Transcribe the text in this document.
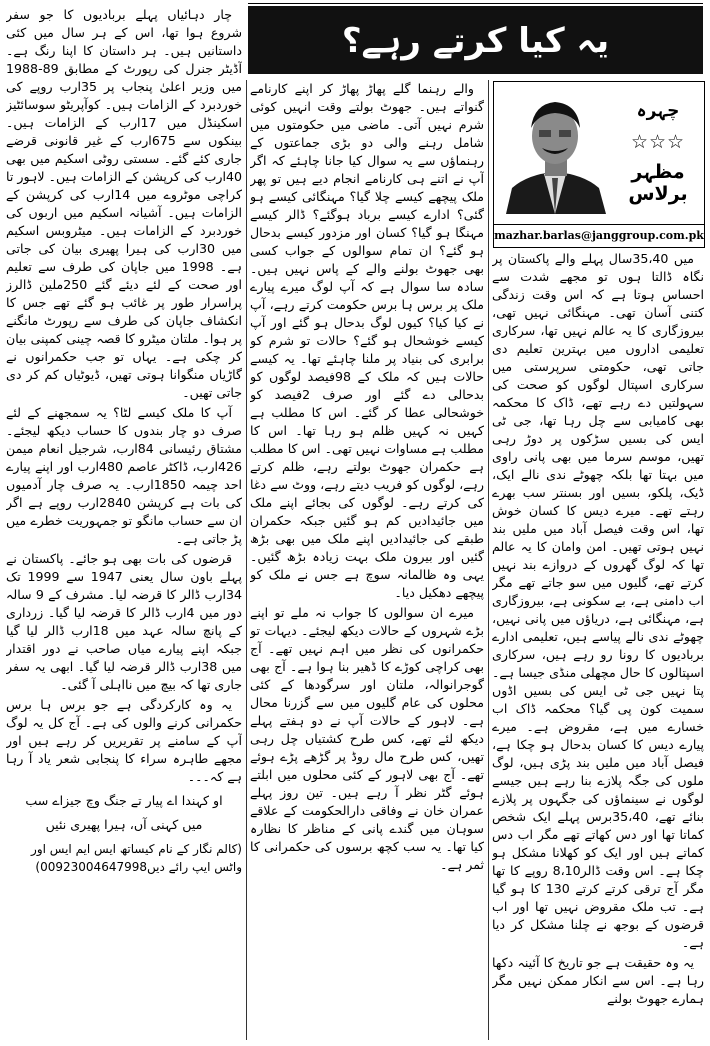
یہ کیا کرتے رہے؟
چہرہ
☆☆☆
مظہر برلاس
mazhar.barlas@janggroup.com.pk

میں 35،40سال پہلے والے پاکستان پر نگاہ ڈالتا ہوں تو مجھے شدت سے احساس ہوتا ہے کہ اس وقت زندگی کتنی آسان تھی۔ مہنگائی نہیں تھی، بیروزگاری کا یہ عالم نہیں تھا، سرکاری تعلیمی اداروں میں بہترین تعلیم دی جاتی تھی، حکومتی سرپرستی میں سرکاری اسپتال لوگوں کو صحت کی سہولتیں دے رہے تھے، ڈاک کا محکمہ بھی کامیابی سے چل رہا تھا، جی ٹی ایس کی بسیں سڑکوں پر دوڑ رہی تھیں، موسم سرما میں بھی پانی راوی میں بہتا تھا بلکہ چھوٹے ندی نالے ایک، ڈیک، پلکو، بسیں اور بسنتر سب بھرے رہتے تھے۔ میرے دیس کا کسان خوش تھا، اس وقت فیصل آباد میں ملیں بند نہیں ہوتی تھیں۔ امن وامان کا یہ عالم تھا کہ لوگ گھروں کے دروازے بند نہیں کرتے تھے، گلیوں میں سو جاتے تھے مگر اب دامنی ہے، بے سکونی ہے، بیروزگاری ہے، مہنگائی ہے، دریاؤں میں پانی نہیں، چھوٹے ندی نالے پیاسے ہیں، تعلیمی ادارے بربادیوں کا رونا رو رہے ہیں، سرکاری اسپتالوں کا حال مچھلی منڈی جیسا ہے۔ پتا نہیں جی ٹی ایس کی بسیں اڈوں سمیت کون پی گیا؟ محکمہ ڈاک اب خسارے میں ہے، مقروض ہے۔ میرے پیارے دیس کا کسان بدحال ہو چکا ہے، فیصل آباد میں ملیں بند پڑی ہیں، لوگ ملوں کی جگہ پلازے بنا رہے ہیں جیسے لوگوں نے سینماؤں کی جگہوں پر پلازے بنائے تھے، 35،40برس پہلے ایک شخص کماتا تھا اور دس کھاتے تھے مگر اب دس کماتے ہیں اور ایک کو کھلانا مشکل ہو چکا ہے۔ اس وقت ڈالر8،10 روپے کا تھا مگر آج ترقی کرتے کرتے 130 کا ہو گیا ہے۔ تب ملک مقروض نہیں تھا اور اب قرضوں کے بوجھ نے چلنا مشکل کر دیا ہے۔

یہ وہ حقیقت ہے جو تاریخ کا آئینہ دکھا رہا ہے۔ اس سے انکار ممکن نہیں مگر ہمارے جھوٹ بولنے

والے رہنما گلے پھاڑ پھاڑ کر اپنے کارنامے گنواتے ہیں۔ جھوٹ بولتے وقت انہیں کوئی شرم نہیں آتی۔ ماضی میں حکومتوں میں شامل رہنے والی دو بڑی جماعتوں کے رہنماؤں سے یہ سوال کیا جانا چاہئے کہ اگر آپ نے اتنے ہی کارنامے انجام دیے ہیں تو پھر ملک پیچھے کیسے چلا گیا؟ مہنگائی کیسے ہو گئی؟ ادارے کیسے برباد ہوگئے؟ ڈالر کیسے مہنگا ہو گیا؟ کسان اور مزدور کیسے بدحال ہو گئے؟ ان تمام سوالوں کے جواب کسی بھی جھوٹ بولنے والے کے پاس نہیں ہیں۔ سادہ سا سوال ہے کہ آپ لوگ میرے پیارے ملک پر برس ہا برس حکومت کرتے رہے، آپ نے کیا کیا؟ کیوں لوگ بدحال ہو گئے اور آپ کیسے خوشحال ہو گئے؟ حالات تو شرم کو برابری کی بنیاد پر ملنا چاہئے تھا۔ یہ کیسے حالات ہیں کہ ملک کے 98فیصد لوگوں کو بدحالی دے گئے اور صرف 2فیصد کو خوشحالی عطا کر گئے۔ اس کا مطلب ہے کہیں نہ کہیں ظلم ہو رہا تھا۔ اس کا مطلب ہے مساوات نہیں تھی۔ اس کا مطلب ہے حکمران جھوٹ بولتے رہے، ظلم کرتے رہے، لوگوں کو فریب دیتے رہے، ووٹ سے دغا کی کرتے رہے۔ لوگوں کی بجائے اپنے ملک میں جائیدادیں کم ہو گئیں جبکہ حکمران طبقے کی جائیدادیں اپنے ملک میں بھی بڑھ گئیں اور بیرون ملک بہت زیادہ بڑھ گئیں۔ یہی وہ ظالمانہ سوچ ہے جس نے ملک کو پیچھے دھکیل دیا۔

میرے ان سوالوں کا جواب نہ ملے تو اپنے بڑے شہروں کے حالات دیکھ لیجئے۔ دیہات تو حکمرانوں کی نظر میں اہم نہیں تھے۔ آج بھی کراچی کوڑے کا ڈھیر بنا ہوا ہے۔ آج بھی گوجرانوالہ، ملتان اور سرگودھا کے کئی محلوں کی عام گلیوں میں سے گزرنا محال ہے۔ لاہور کے حالات آپ نے دو ہفتے پہلے دیکھ لئے تھے، کس طرح کشتیاں چل رہی تھیں، کس طرح مال روڈ پر گڑھے پڑے ہوئے تھے۔ آج بھی لاہور کے کئی محلوں میں ابلتے ہوئے گٹر نظر آ رہے ہیں۔ تین روز پہلے عمران خان نے وفاقی دارالحکومت کے علاقے سوہان میں گندے پانی کے مناظر کا نظارہ کیا تھا۔ یہ سب کچھ برسوں کی حکمرانی کا ثمر ہے۔

چار دہائیاں پہلے بربادیوں کا جو سفر شروع ہوا تھا، اس کے ہر سال میں کئی داستانیں ہیں۔ ہر داستان کا اپنا رنگ ہے۔ آڈیٹر جنرل کی رپورٹ کے مطابق 89-1988 میں وزیر اعلیٰ پنجاب پر 35ارب روپے کی خوردبرد کے الزامات ہیں۔ کوآپریٹو سوسائٹیز اسکینڈل میں 17ارب کے الزامات ہیں۔ بینکوں سے 675ارب کے غیر قانونی قرضے جاری کئے گئے۔ سستی روٹی اسکیم میں بھی 40ارب کی کرپشن کے الزامات ہیں۔ لاہور تا کراچی موٹروے میں 14ارب کی کرپشن کے الزامات ہیں۔ آشیانہ اسکیم میں اربوں کی خوردبرد کے الزامات ہیں۔ میٹروبس اسکیم میں 30ارب کی ہیرا پھیری بیان کی جاتی ہے۔ 1998 میں جاپان کی طرف سے تعلیم اور صحت کے لئے دیئے گئے 250ملین ڈالرز پراسرار طور پر غائب ہو گئے تھے جس کا انکشاف جاپان کی طرف سے رپورٹ مانگنے پر ہوا۔ ملتان میٹرو کا قصہ چینی کمپنی بیان کر چکی ہے۔ یہاں تو جب حکمرانوں نے گاڑیاں منگوانا ہوتی تھیں، ڈیوٹیاں کم کر دی جاتی تھیں۔

آپ کا ملک کیسے لٹا؟ یہ سمجھنے کے لئے صرف دو چار بندوں کا حساب دیکھ لیجئے۔ مشتاق رئیسانی 84ارب، شرجیل انعام میمن 426ارب، ڈاکٹر عاصم 480ارب اور اپنے پیارے احد چیمہ 1850ارب۔ یہ صرف چار آدمیوں کی بات ہے کرپشن 2840ارب روپے ہے اگر ان سے حساب مانگو تو جمہوریت خطرے میں پڑ جاتی ہے۔

قرضوں کی بات بھی ہو جائے۔ پاکستان نے پہلے باون سال یعنی 1947 سے 1999 تک 34ارب ڈالر کا قرضہ لیا۔ مشرف کے 9 سالہ دور میں 4ارب ڈالر کا قرضہ لیا گیا۔ زرداری کے پانچ سالہ عہد میں 18ارب ڈالر لیا گیا جبکہ اپنے پیارے میاں صاحب نے دور اقتدار میں 38ارب ڈالر قرضہ لیا گیا۔ ابھی یہ سفر جاری تھا کہ بیچ میں نااہلی آ گئی۔

یہ وہ کارکردگی ہے جو برس ہا برس حکمرانی کرنے والوں کی ہے۔ آج کل یہ لوگ آپ کے سامنے پر تقریریں کر رہے ہیں اور مجھے طاہرہ سراء کا پنجابی شعر یاد آ رہا ہے کہ۔۔۔

او کہندا اے پیار تے جنگ وچ جیزاے سب

میں کہنی آں، ہیرا پھیری نئیں

(کالم نگار کے نام کیساتھ ایس ایم ایس اور واٹس ایپ رائے دیں00923004647998)
